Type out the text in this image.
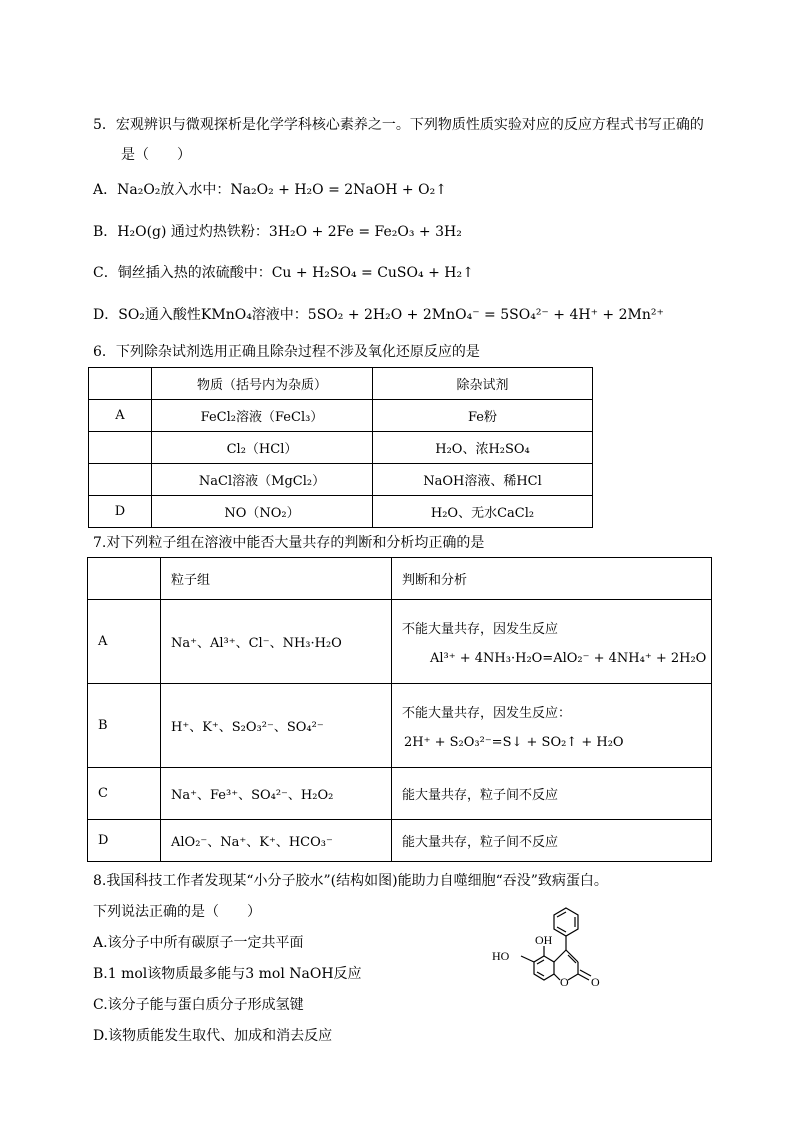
5．宏观辨识与微观探析是化学学科核心素养之一。下列物质性质实验对应的反应方程式书写正确的
是（　　）
A．Na₂O₂放入水中：Na₂O₂ + H₂O = 2NaOH + O₂↑
B．H₂O(g) 通过灼热铁粉：3H₂O + 2Fe = Fe₂O₃ + 3H₂
C．铜丝插入热的浓硫酸中：Cu + H₂SO₄ = CuSO₄ + H₂↑
D．SO₂通入酸性KMnO₄溶液中：5SO₂ + 2H₂O + 2MnO₄⁻ = 5SO₄²⁻ + 4H⁺ + 2Mn²⁺
6．下列除杂试剂选用正确且除杂过程不涉及氧化还原反应的是
	物质（括号内为杂质）	除杂试剂
A	FeCl₂溶液（FeCl₃）	Fe粉
	Cl₂（HCl）	H₂O、浓H₂SO₄
	NaCl溶液（MgCl₂）	NaOH溶液、稀HCl
D	NO（NO₂）	H₂O、无水CaCl₂
7.对下列粒子组在溶液中能否大量共存的判断和分析均正确的是
	粒子组	判断和分析
A	Na⁺、Al³⁺、Cl⁻、NH₃·H₂O	不能大量共存，因发生反应
Al³⁺ + 4NH₃·H₂O=AlO₂⁻ + 4NH₄⁺ + 2H₂O

B	H⁺、K⁺、S₂O₃²⁻、SO₄²⁻	不能大量共存，因发生反应：
2H⁺ + S₂O₃²⁻=S↓ + SO₂↑ + H₂O

C	Na⁺、Fe³⁺、SO₄²⁻、H₂O₂	能大量共存，粒子间不反应
D	AlO₂⁻、Na⁺、K⁺、HCO₃⁻	能大量共存，粒子间不反应
8.我国科技工作者发现某“小分子胶水”(结构如图)能助力自噬细胞“吞没”致病蛋白。
下列说法正确的是（　　）
A.该分子中所有碳原子一定共平面
B.1 mol该物质最多能与3 mol NaOH反应
C.该分子能与蛋白质分子形成氢键
D.该物质能发生取代、加成和消去反应
OH
HO
O O
